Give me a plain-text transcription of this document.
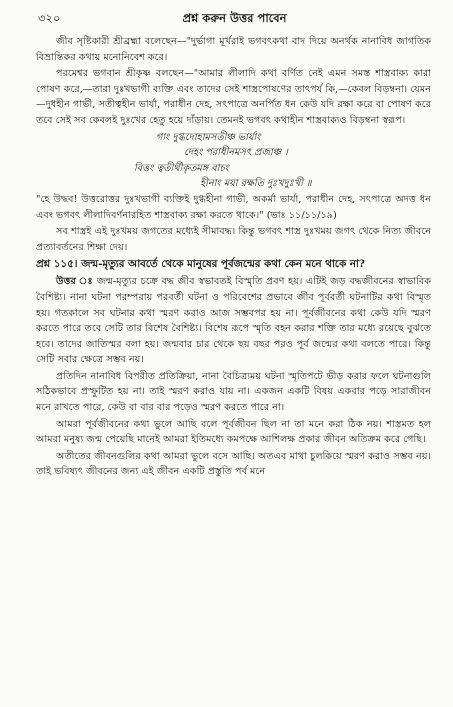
৩২০	প্রশ্ন করুন উত্তর পাবেন

জীব সৃষ্টিকারী শ্রীব্রহ্মা বলেছেন—"দুর্ভাগা মূর্খরাই ভগবৎকথা বাদ দিয়ে অনর্থক নানাবিধ জাগতিক বিভ্রান্তিকর কথায় মনোনিবেশ করে।

পরমেশ্বর ভগবান শ্রীকৃষ্ণ বলছেন—"আমার লীলাদি কথা বর্ণিত নেই এমন সমস্ত শাস্ত্রবাক্য কারা পোষণ করে,—তারা দুঃখভাগী ব্যক্তি এবং তাদের সেই শাস্ত্রপোষণের তাৎপর্য কি,—কেবল বিড়ম্বনা। যেমন—দুধহীন গাভী, সতীত্বহীন ভার্যা, পরাধীন দেহ, সৎপাত্রে অনর্পিত ধন কেউ যদি রক্ষা করে বা পোষণ করে তবে সেই সব কেবলই দুঃখের হেতু হয়ে দাঁড়ায়। তেমনই ভগবৎ কথাহীন শাস্ত্রবাক্যও বিড়ম্বনা স্বরূপ।

গাং দুগ্ধদোহামসতীঞ্চ ভার্যাং

দেহং পরাধীনমসৎ প্রজাঞ্চ ।

বিত্তং ত্বতীর্থীকৃতমঙ্গ বাচং

হীনাং ময়া রক্ষতি দুঃখদুঃখী ॥

"হে উদ্ধব! উত্তরোত্তর দুঃখভাগী ব্যক্তিই দুগ্ধহীনা গাভী, অকর্মা ভার্যা, পরাধীন দেহ, সৎপাত্রে অদত্ত ধন এবং ভগবৎ লীলাদিবর্ণনারহিত শাস্ত্রবাক্য রক্ষা করতে থাকে।" (ভাঃ ১১/১১/১৯)

সব শাস্ত্রই এই দুঃখময় জগতের মধ্যেই সীমাবদ্ধ। কিন্তু ভগবৎ শাস্ত্র দুঃখময় জগৎ থেকে নিত্য জীবনে প্রত্যাবর্তনের শিক্ষা দেয়।

প্রশ্ন ১১৫। জন্ম-মৃত্যুর আবর্তে থেকে মানুষের পূর্বজন্মের কথা কেন মনে থাকে না?

উত্তর ঃ জন্ম-মৃত্যুর চক্রে বদ্ধ জীব স্বভাবতই বিস্মৃতি প্রবণ হয়। এটিই জড় বদ্ধজীবনের স্বাভাবিক বৈশিষ্ট্য। নানা ঘটনা পরম্পরায় পরবর্তী ঘটনা ও পরিবেশের প্রভাবে জীব পূর্ববর্তী ঘটনাটির কথা বিস্মৃত হয়। গতকালে সব ঘটনার কথা স্মরণ করাও আজ সম্ভবপর হয় না। পূর্বজীবনের কথা কেউ যদি স্মরণ করতে পারে তবে সেটি তার বিশেষ বৈশিষ্ট্য। বিশেষ রূপে স্মৃতি বহন করার শক্তি তার মধ্যে রয়েছে বুঝতে হবে। তাদের জাতিস্মর বলা হয়। জন্মবার চার থেকে ছয় বছর পরও পূর্ব জন্মের কথা বলতে পারে। কিন্তু সেটি সবার ক্ষেত্রে সম্ভব নয়।

প্রতিদিন নানাবিধ বিপরীত প্রতিক্রিয়া, নানা বৈচিত্র্যময় ঘটনা স্মৃতিপটে ভীড় করার ফলে ঘটনাগুলি সঠিকভাবে প্রস্ফুটিত হয় না। তাই স্মরণ করাও যায় না। একজন একটি বিষয় একবার পড়ে সারাজীবন মনে রাখতে পারে, কেউ বা বার বার পড়েও স্মরণ করতে পারে না।

আমরা পূর্বজীবনের কথা ভুলে আছি বলে পূর্বজীবন ছিল না তা মনে করা ঠিক নয়। শাস্ত্রমত হল আমরা মনুষ্য জন্ম পেয়েছি মানেই আমরা ইতিমধ্যে কমপক্ষে আশিলক্ষ প্রকার জীবন অতিক্রম করে গেছি।

অতীতের জীবনগুলির কথা আমরা ভুলে বসে আছি। অতএব মাথা চুলকিয়ে স্মরণ করাও সম্ভব নয়। তাই ভবিষ্যৎ জীবনের জন্য এই জীবন একটি প্রস্তুতি পর্ব মনে
